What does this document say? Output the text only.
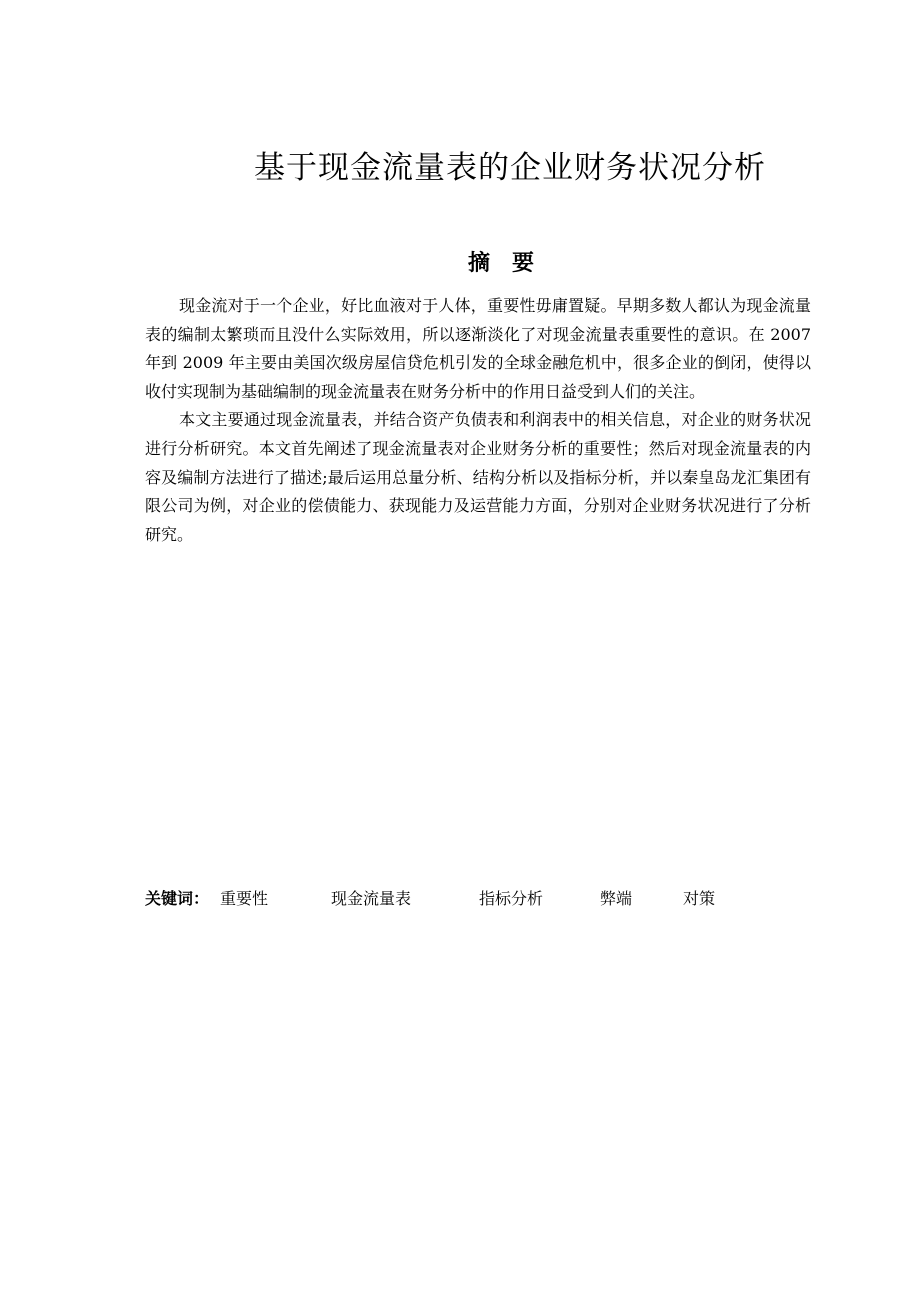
基于现金流量表的企业财务状况分析
摘 要

现金流对于一个企业，好比血液对于人体，重要性毋庸置疑。早期多数人都认为现金流量表的编制太繁琐而且没什么实际效用，所以逐渐淡化了对现金流量表重要性的意识。在 2007 年到 2009 年主要由美国次级房屋信贷危机引发的全球金融危机中，很多企业的倒闭，使得以收付实现制为基础编制的现金流量表在财务分析中的作用日益受到人们的关注。

本文主要通过现金流量表，并结合资产负债表和利润表中的相关信息，对企业的财务状况进行分析研究。本文首先阐述了现金流量表对企业财务分析的重要性；然后对现金流量表的内容及编制方法进行了描述;最后运用总量分析、结构分析以及指标分析，并以秦皇岛龙汇集团有限公司为例，对企业的偿债能力、获现能力及运营能力方面，分别对企业财务状况进行了分析研究。

关键词： 重要性	现金流量表	指标分析	弊端	对策
